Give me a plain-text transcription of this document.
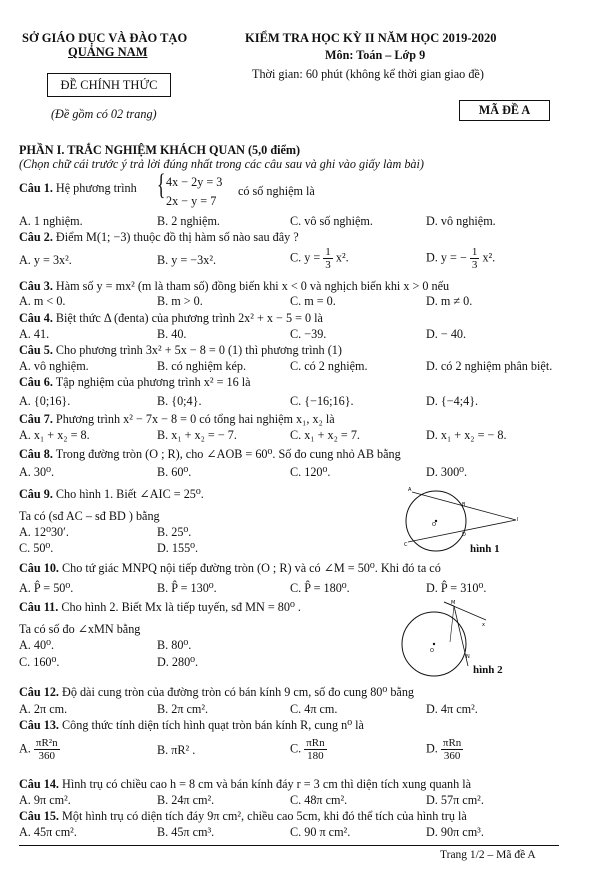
SỞ GIÁO DỤC VÀ ĐÀO TẠO
QUẢNG NAM
ĐỀ CHÍNH THỨC
(Đề gồm có 02 trang)
KIỂM TRA HỌC KỲ II NĂM HỌC 2019-2020
Môn: Toán – Lớp 9
Thời gian: 60 phút (không kể thời gian giao đề)
MÃ ĐỀ A
PHẦN I. TRẮC NGHIỆM KHÁCH QUAN (5,0 điểm)
(Chọn chữ cái trước ý trả lời đúng nhất trong các câu sau và ghi vào giấy làm bài)
Câu 1. Hệ phương trình { 4x − 2y = 3
2x − y = 7
có số nghiệm là
A. 1 nghiệm.	B. 2 nghiệm.	C. vô số nghiệm.	D. vô nghiệm.
Câu 2. Điểm M(1; −3) thuộc đồ thị hàm số nào sau đây ?
A. y = 3x².	B. y = −3x².	C. $y = \frac{1}{3} x^2$.	D. y = − $\frac{1}{3} x^2$.
Câu 3. Hàm số y = mx² (m là tham số) đồng biến khi x < 0 và nghịch biến khi x > 0 nếu
A. m < 0.	B. m > 0.	C. m = 0.	D. m ≠ 0.
Câu 4. Biệt thức Δ (đenta) của phương trình 2x² + x − 5 = 0 là
A. 41.	B. 40.	C. −39.	D. − 40.
Câu 5. Cho phương trình 3x² + 5x − 8 = 0 (1) thì phương trình (1)
A. vô nghiệm.	B. có nghiệm kép.	C. có 2 nghiệm.	D. có 2 nghiệm phân biệt.
Câu 6. Tập nghiệm của phương trình x² = 16 là
A. {0;16}.	B. {0;4}.	C. {−16;16}.	D. {−4;4}.
Câu 7. Phương trình x² − 7x − 8 = 0 có tổng hai nghiệm x₁, x₂ là
A. x₁ + x₂ = 8.	B. x₁ + x₂ = − 7.	C. x₁ + x₂ = 7.	D. x₁ + x₂ = − 8.
Câu 8. Trong đường tròn (O ; R), cho ∠AOB = 60⁰. Số đo cung nhỏ AB bằng
A. 30⁰.	B. 60⁰.	C. 120⁰.	D. 300⁰.
Câu 9. Cho hình 1. Biết ∠AIC = 25⁰.
Ta có (sđ AC – sđ BD ) bằng
A. 12⁰30′.	B. 25⁰.
C. 50⁰.	D. 155⁰.
A
B
I
O
C
D
hình 1
Câu 10. Cho tứ giác MNPQ nội tiếp đường tròn (O ; R) và có ∠M = 50⁰. Khi đó ta có
A. P̂ = 50⁰.	B. P̂ = 130⁰.	C. P̂ = 180⁰.	D. P̂ = 310⁰.
Câu 11. Cho hình 2. Biết Mx là tiếp tuyến, sđ MN = 80⁰ .
Ta có số đo ∠xMN bằng
A. 40⁰.	B. 80⁰.
C. 160⁰.	D. 280⁰.
M
x
O
N
hình 2
Câu 12. Độ dài cung tròn của đường tròn có bán kính 9 cm, số đo cung 80⁰ bằng
A. 2π cm.	B. 2π cm².	C. 4π cm.	D. 4π cm².
Câu 13. Công thức tính diện tích hình quạt tròn bán kính R, cung n⁰ là
A. $\frac{\text{πR²n}}{360}$	B. πR² .	C. $\frac{\text{πRn}}{180}$	D. $\frac{\text{πRn}}{360}$
Câu 14. Hình trụ có chiều cao h = 8 cm và bán kính đáy r = 3 cm thì diện tích xung quanh là
A. 9π cm².	B. 24π cm².	C. 48π cm².	D. 57π cm².
Câu 15. Một hình trụ có diện tích đáy 9π cm², chiều cao 5cm, khi đó thể tích của hình trụ là
A. 45π cm².	B. 45π cm³.	C. 90 π cm².	D. 90π cm³.
Trang 1/2 – Mã đề A
